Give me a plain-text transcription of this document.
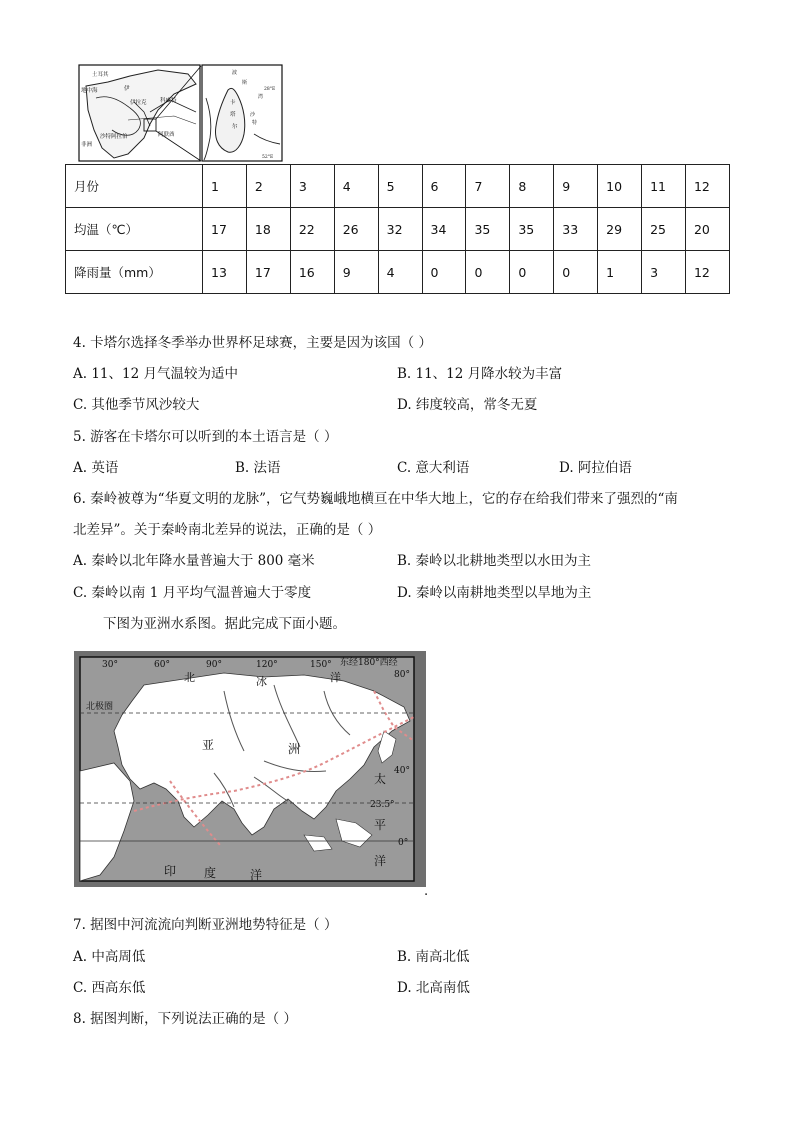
土耳其
地中海	伊
伊拉克 科威特
沙特阿拉伯	阿联酋
非洲
波
斯
湾
卡
塔
尔
沙
特
28°E
52°E
月份	1	2	3	4	5	6	7	8	9	10	11	12
均温（℃）	17	18	22	26	32	34	35	35	33	29	25	20
降雨量（mm）	13	17	16	9	4	0	0	0	0	1	3	12
4. 卡塔尔选择冬季举办世界杯足球赛，主要是因为该国（ ）
A. 11、12 月气温较为适中	B. 11、12 月降水较为丰富
C. 其他季节风沙较大	D. 纬度较高，常冬无夏
5. 游客在卡塔尔可以听到的本土语言是（ ）
A. 英语	B. 法语	C. 意大利语	D. 阿拉伯语
6. 秦岭被尊为“华夏文明的龙脉”，它气势巍峨地横亘在中华大地上，它的存在给我们带来了强烈的“南
北差异”。关于秦岭南北差异的说法，正确的是（ ）
A. 秦岭以北年降水量普遍大于 800 毫米	B. 秦岭以北耕地类型以水田为主
C. 秦岭以南 1 月平均气温普遍大于零度	D. 秦岭以南耕地类型以旱地为主
下图为亚洲水系图。据此完成下面小题。
30°	60°	90°	120°	150° 东经180°西经
80°
40°
23.5°
0°
北	冰	洋
北极圈
亚	洲
太
平
洋
印 度	洋
.
7. 据图中河流流向判断亚洲地势特征是（ ）
A. 中高周低	B. 南高北低
C. 西高东低	D. 北高南低
8. 据图判断，下列说法正确的是（ ）
